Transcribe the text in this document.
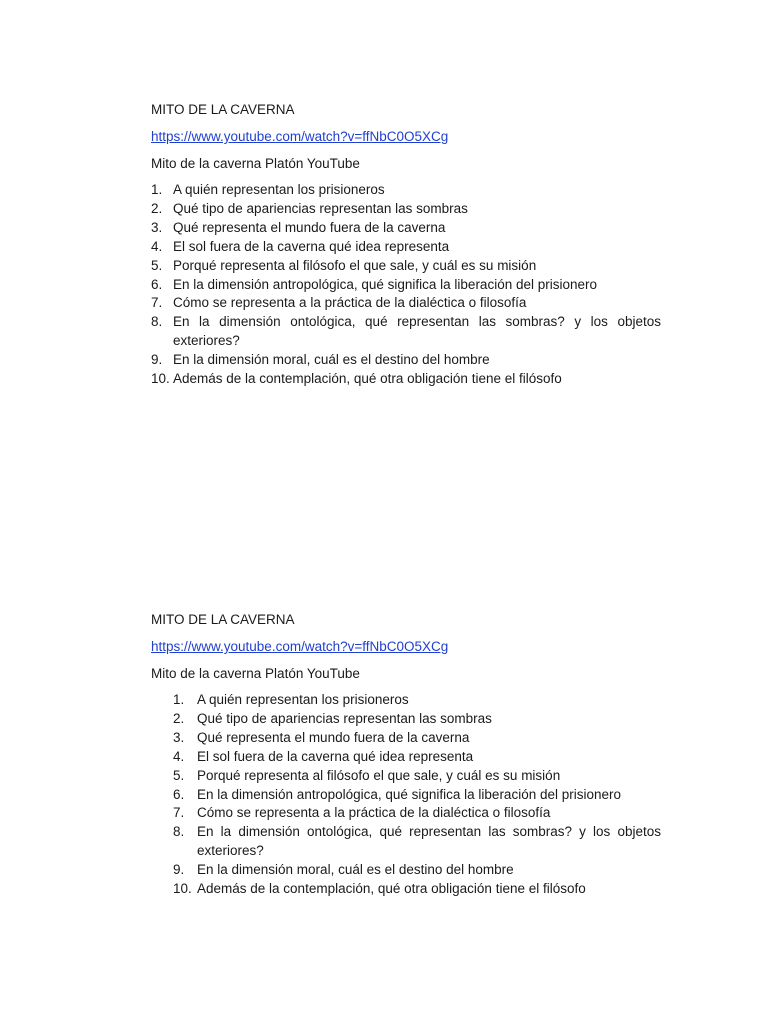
MITO DE LA CAVERNA
https://www.youtube.com/watch?v=ffNbC0O5XCg
Mito de la caverna Platón YouTube
1. A quién representan los prisioneros
2. Qué tipo de apariencias representan las sombras
3. Qué representa el mundo fuera de la caverna
4. El sol fuera de la caverna qué idea representa
5. Porqué representa al filósofo el que sale, y cuál es su misión
6. En la dimensión antropológica, qué significa la liberación del prisionero
7. Cómo se representa a la práctica de la dialéctica o filosofía
8. En la dimensión ontológica, qué representan las sombras? y los objetos exteriores?
9. En la dimensión moral, cuál es el destino del hombre
10. Además de la contemplación, qué otra obligación tiene el filósofo
MITO DE LA CAVERNA
https://www.youtube.com/watch?v=ffNbC0O5XCg
Mito de la caverna Platón YouTube
1. A quién representan los prisioneros
2. Qué tipo de apariencias representan las sombras
3. Qué representa el mundo fuera de la caverna
4. El sol fuera de la caverna qué idea representa
5. Porqué representa al filósofo el que sale, y cuál es su misión
6. En la dimensión antropológica, qué significa la liberación del prisionero
7. Cómo se representa a la práctica de la dialéctica o filosofía
8. En la dimensión ontológica, qué representan las sombras? y los objetos exteriores?
9. En la dimensión moral, cuál es el destino del hombre
10. Además de la contemplación, qué otra obligación tiene el filósofo
